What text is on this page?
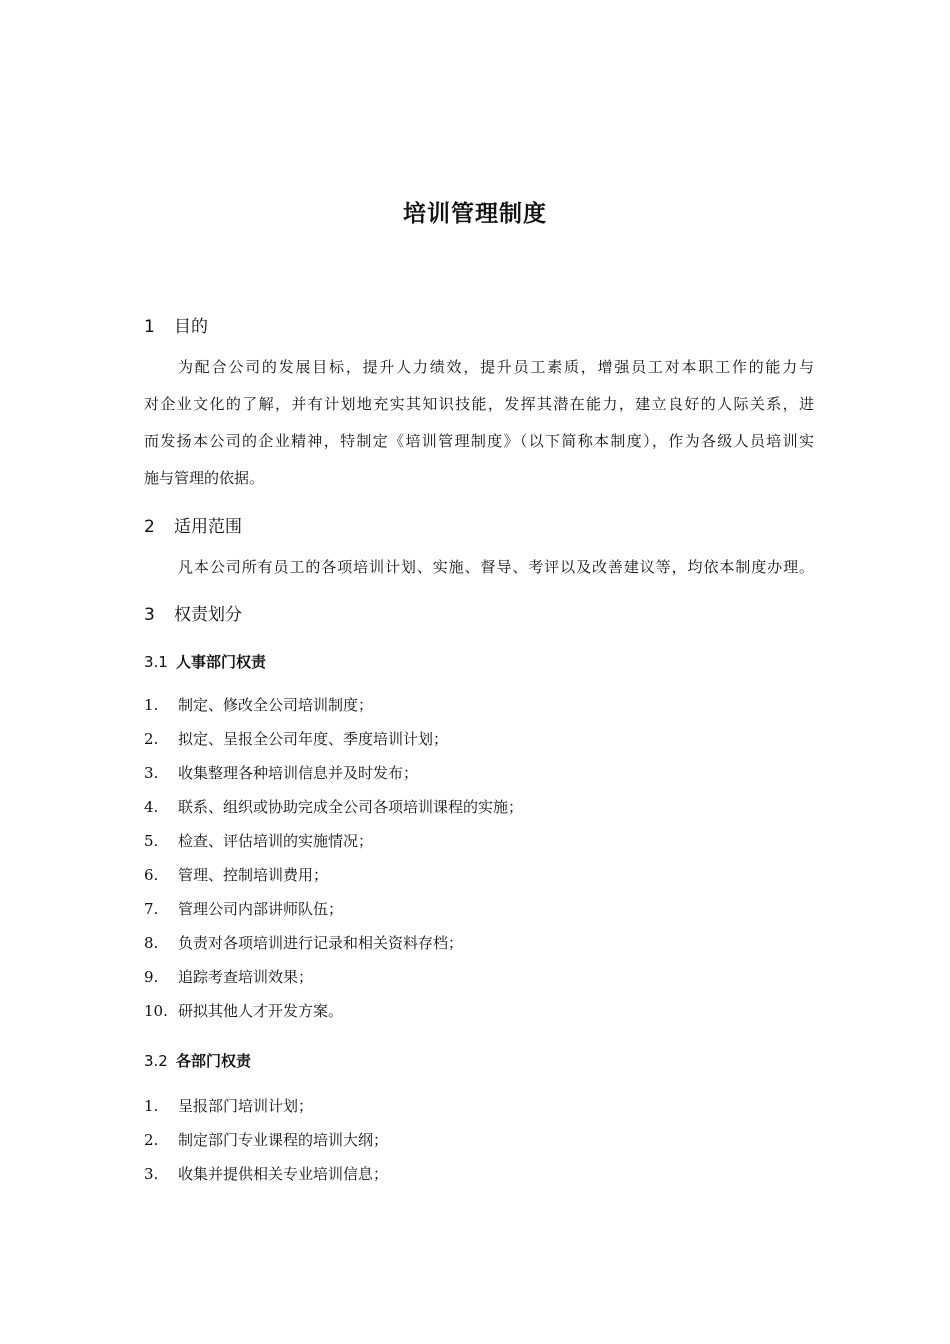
培训管理制度
1 目的
为配合公司的发展目标，提升人力绩效，提升员工素质，增强员工对本职工作的能力与
对企业文化的了解，并有计划地充实其知识技能，发挥其潜在能力，建立良好的人际关系，进
而发扬本公司的企业精神，特制定《培训管理制度》（以下简称本制度），作为各级人员培训实
施与管理的依据。
2 适用范围
凡本公司所有员工的各项培训计划、实施、督导、考评以及改善建议等，均依本制度办理。
3 权责划分
3.1 人事部门权责
1. 制定、修改全公司培训制度；
2. 拟定、呈报全公司年度、季度培训计划；
3. 收集整理各种培训信息并及时发布；
4. 联系、组织或协助完成全公司各项培训课程的实施；
5. 检查、评估培训的实施情况；
6. 管理、控制培训费用；
7. 管理公司内部讲师队伍；
8. 负责对各项培训进行记录和相关资料存档；
9. 追踪考查培训效果；
10. 研拟其他人才开发方案。
3.2 各部门权责
1. 呈报部门培训计划；
2. 制定部门专业课程的培训大纲；
3. 收集并提供相关专业培训信息；
